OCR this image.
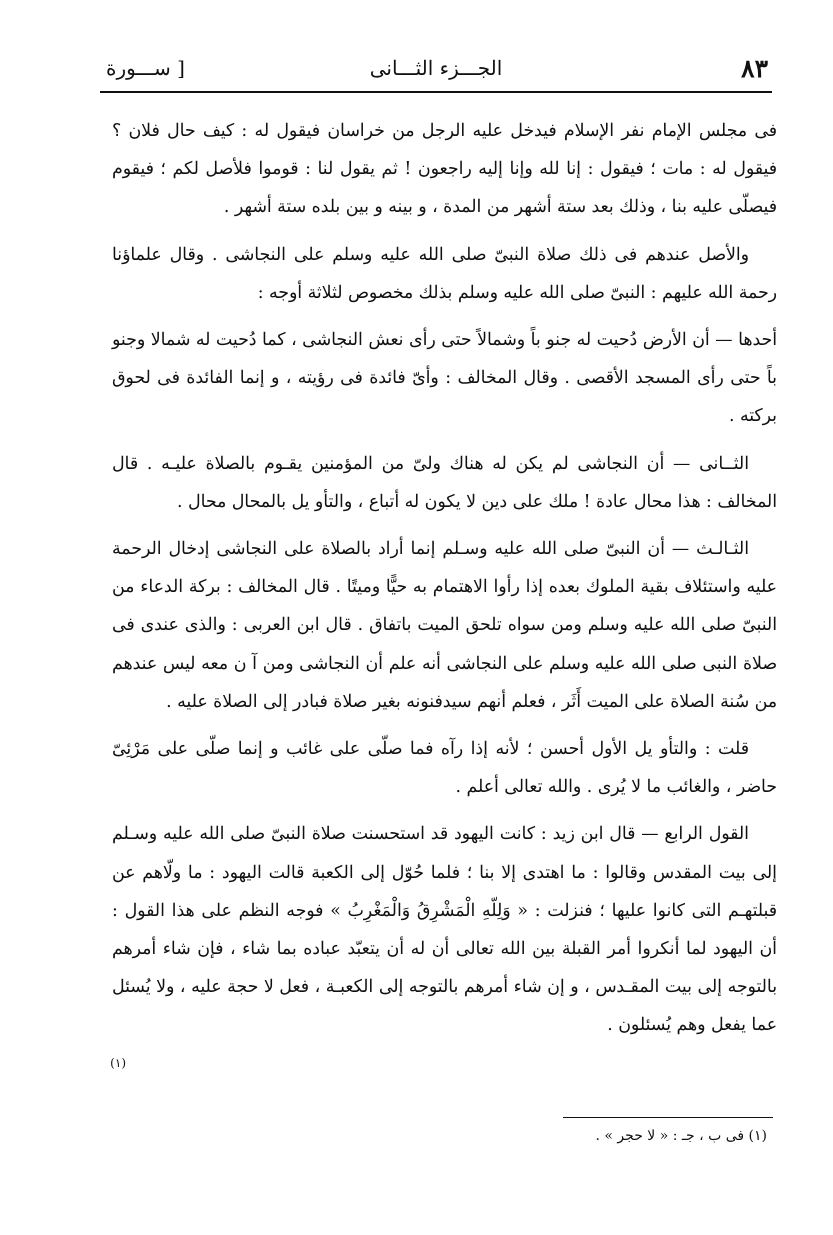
٨٣
الجـــزء الثـــانى
[ ســـورة

فى مجلس الإمام نفر الإسلام فيدخل عليه الرجل من خراسان فيقول له : كيف حال فلان ؟ فيقول له : مات ؛ فيقول : إنا لله وإنا إليه راجعون ! ثم يقول لنا : قوموا فلأصل لكم ؛ فيقوم فيصلّى عليه بنا ، وذلك بعد ستة أشهر من المدة ، و بينه و بين بلده ستة أشهر .

والأصل عندهم فى ذلك صلاة النبىّ صلى الله عليه وسلم على النجاشى . وقال علماؤنا رحمة الله عليهم : النبىّ صلى الله عليه وسلم بذلك مخصوص لثلاثة أوجه :

أحدها — أن الأرض دُحيت له جنو باً وشمالاً حتى رأى نعش النجاشى ، كما دُحيت له شمالا وجنو باً حتى رأى المسجد الأقصى . وقال المخالف : وأىّ فائدة فى رؤيته ، و إنما الفائدة فى لحوق بركته .

الثــانى — أن النجاشى لم يكن له هناك ولىّ من المؤمنين يقـوم بالصلاة عليـه . قال المخالف : هذا محال عادة ! ملك على دين لا يكون له أتباع ، والتأو يل بالمحال محال .

الثـالـث — أن النبىّ صلى الله عليه وسـلم إنما أراد بالصلاة على النجاشى إدخال الرحمة عليه واستئلاف بقية الملوك بعده إذا رأوا الاهتمام به حيًّا وميتًا . قال المخالف : بركة الدعاء من النبىّ صلى الله عليه وسلم ومن سواه تلحق الميت باتفاق . قال ابن العربى : والذى عندى فى صلاة النبى صلى الله عليه وسلم على النجاشى أنه علم أن النجاشى ومن آ ن معه ليس عندهم من سُنة الصلاة على الميت أَثَر ، فعلم أنهم سيدفنونه بغير صلاة فبادر إلى الصلاة عليه .

قلت : والتأو يل الأول أحسن ؛ لأنه إذا رآه فما صلّى على غائب و إنما صلّى على مَرْئِىّ حاضر ، والغائب ما لا يُرى . والله تعالى أعلم .

القول الرابع — قال ابن زيد : كانت اليهود قد استحسنت صلاة النبىّ صلى الله عليه وسـلم إلى بيت المقدس وقالوا : ما اهتدى إلا بنا ؛ فلما حُوّل إلى الكعبة قالت اليهود : ما ولّاهم عن قبلتهـم التى كانوا عليها ؛ فنزلت : « وَلِلّهِ الْمَشْرِقُ وَالْمَغْرِبُ » فوجه النظم على هذا القول : أن اليهود لما أنكروا أمر القبلة بين الله تعالى أن له أن يتعبّد عباده بما شاء ، فإن شاء أمرهم بالتوجه إلى بيت المقـدس ، و إن شاء أمرهم بالتوجه إلى الكعبـة ، فعل لا حجة عليه ، ولا يُسئل عما يفعل وهم يُسئلون .

(١)
(١) فى ب ، جـ : « لا حجر » .
